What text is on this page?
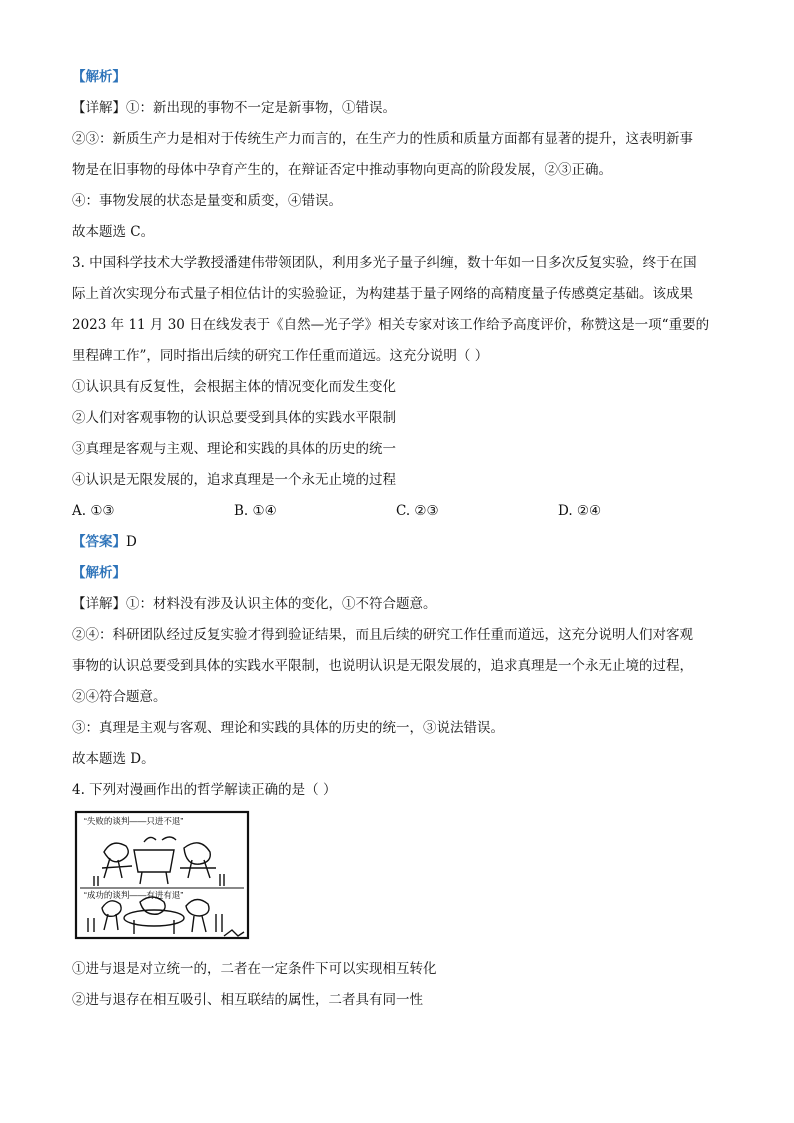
【解析】
【详解】①：新出现的事物不一定是新事物，①错误。
②③：新质生产力是相对于传统生产力而言的，在生产力的性质和质量方面都有显著的提升，这表明新事
物是在旧事物的母体中孕育产生的，在辩证否定中推动事物向更高的阶段发展，②③正确。
④：事物发展的状态是量变和质变，④错误。
故本题选 C。
3. 中国科学技术大学教授潘建伟带领团队，利用多光子量子纠缠，数十年如一日多次反复实验，终于在国
际上首次实现分布式量子相位估计的实验验证，为构建基于量子网络的高精度量子传感奠定基础。该成果
2023 年 11 月 30 日在线发表于《自然—光子学》相关专家对该工作给予高度评价，称赞这是一项“重要的
里程碑工作”，同时指出后续的研究工作任重而道远。这充分说明（ ）
①认识具有反复性，会根据主体的情况变化而发生变化
②人们对客观事物的认识总要受到具体的实践水平限制
③真理是客观与主观、理论和实践的具体的历史的统一
④认识是无限发展的，追求真理是一个永无止境的过程
A. ①③	B. ①④	C. ②③	D. ②④
【答案】D
【解析】
【详解】①：材料没有涉及认识主体的变化，①不符合题意。
②④：科研团队经过反复实验才得到验证结果，而且后续的研究工作任重而道远，这充分说明人们对客观
事物的认识总要受到具体的实践水平限制，也说明认识是无限发展的，追求真理是一个永无止境的过程，
②④符合题意。
③：真理是主观与客观、理论和实践的具体的历史的统一，③说法错误。
故本题选 D。
4. 下列对漫画作出的哲学解读正确的是（ ）
“失败的谈判——只进不退”
“成功的谈判——有进有退”
①进与退是对立统一的，二者在一定条件下可以实现相互转化
②进与退存在相互吸引、相互联结的属性，二者具有同一性
